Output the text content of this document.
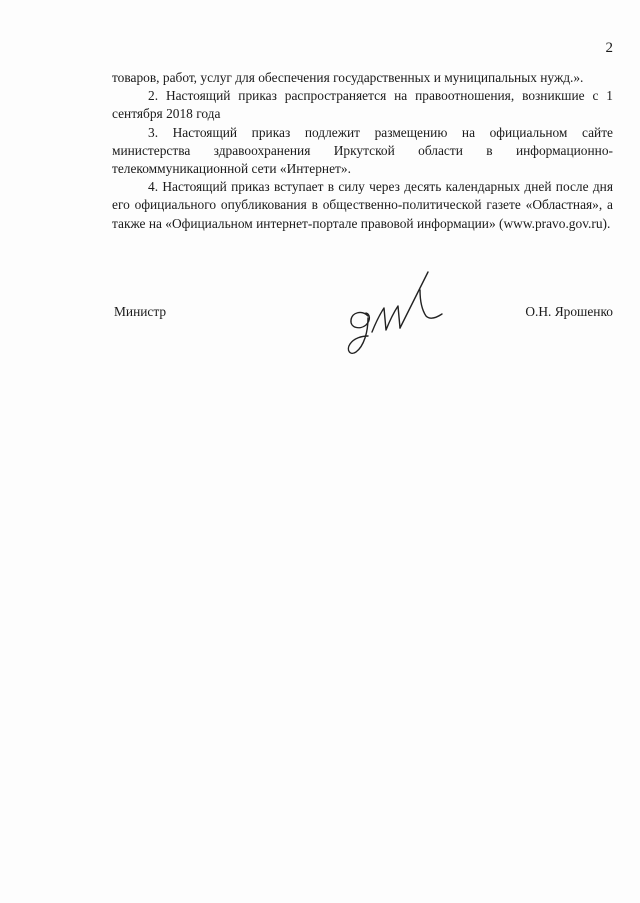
2

товаров, работ, услуг для обеспечения государственных и муниципальных нужд.».

2. Настоящий приказ распространяется на правоотношения, возникшие с 1 сентября 2018 года

3. Настоящий приказ подлежит размещению на официальном сайте министерства здравоохранения Иркутской области в информационно-телекоммуникационной сети «Интернет».

4. Настоящий приказ вступает в силу через десять календарных дней после дня его официального опубликования в общественно-политической газете «Областная», а также на «Официальном интернет-портале правовой информации» (www.pravo.gov.ru).

Министр	О.Н. Ярошенко
